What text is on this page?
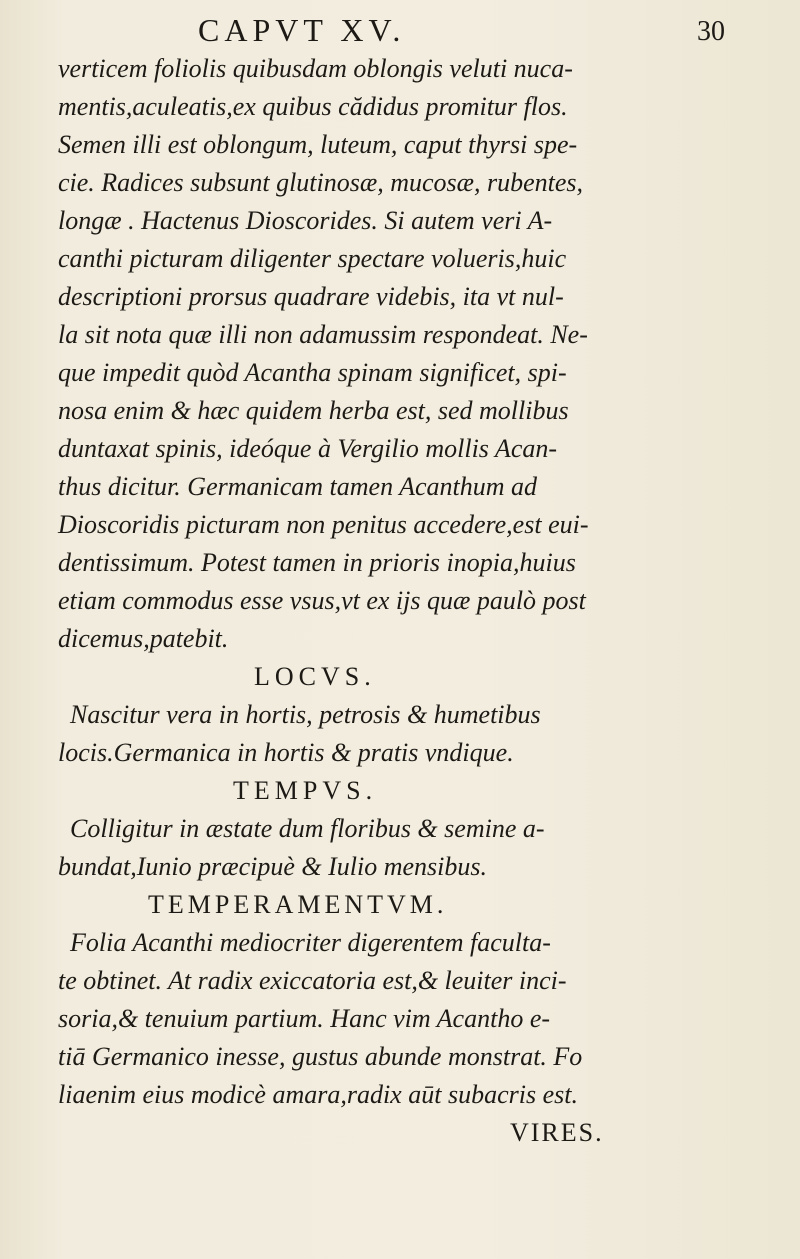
CAPVT XV.	30
verticem foliolis quibusdam oblongis veluti nuca-
mentis,aculeatis,ex quibus cădidus promitur flos.
Semen illi est oblongum, luteum, caput thyrsi spe-
cie. Radices subsunt glutinosæ, mucosæ, rubentes,
longæ . Hactenus Dioscorides. Si autem veri A-
canthi picturam diligenter spectare volueris,huic
descriptioni prorsus quadrare videbis, ita vt nul-
la sit nota quæ illi non adamussim respondeat. Ne-
que impedit quòd Acantha spinam significet, spi-
nosa enim & hæc quidem herba est, sed mollibus
duntaxat spinis, ideóque à Vergilio mollis Acan-
thus dicitur. Germanicam tamen Acanthum ad
Dioscoridis picturam non penitus accedere,est eui-
dentissimum. Potest tamen in prioris inopia,huius
etiam commodus esse vsus,vt ex ijs quæ paulò post
dicemus,patebit.
LOCVS.
Nascitur vera in hortis, petrosis & humetibus
locis.Germanica in hortis & pratis vndique.
TEMPVS.
Colligitur in æstate dum floribus & semine a-
bundat,Iunio præcipuè & Iulio mensibus.
TEMPERAMENTVM.
Folia Acanthi mediocriter digerentem faculta-
te obtinet. At radix exiccatoria est,& leuiter inci-
soria,& tenuium partium. Hanc vim Acantho e-
tiā Germanico inesse, gustus abunde monstrat. Fo
liaenim eius modicè amara,radix aūt subacris est.
VIRES.
